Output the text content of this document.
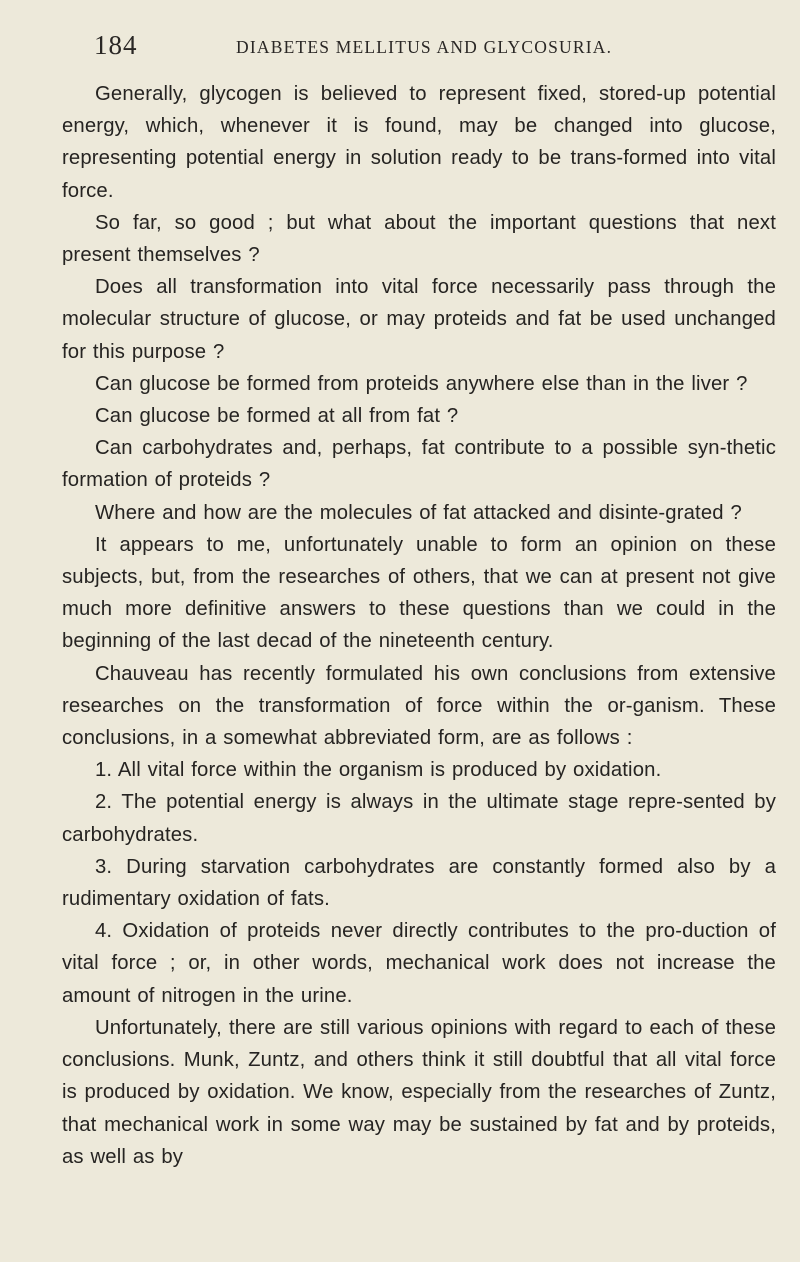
184	DIABETES MELLITUS AND GLYCOSURIA.

Generally, glycogen is believed to represent fixed, stored-up potential energy, which, whenever it is found, may be changed into glucose, representing potential energy in solution ready to be trans-formed into vital force.

So far, so good ; but what about the important questions that next present themselves ?

Does all transformation into vital force necessarily pass through the molecular structure of glucose, or may proteids and fat be used unchanged for this purpose ?

Can glucose be formed from proteids anywhere else than in the liver ?

Can glucose be formed at all from fat ?

Can carbohydrates and, perhaps, fat contribute to a possible syn-thetic formation of proteids ?

Where and how are the molecules of fat attacked and disinte-grated ?

It appears to me, unfortunately unable to form an opinion on these subjects, but, from the researches of others, that we can at present not give much more definitive answers to these questions than we could in the beginning of the last decad of the nineteenth century.

Chauveau has recently formulated his own conclusions from extensive researches on the transformation of force within the or-ganism. These conclusions, in a somewhat abbreviated form, are as follows :

1. All vital force within the organism is produced by oxidation.

2. The potential energy is always in the ultimate stage repre-sented by carbohydrates.

3. During starvation carbohydrates are constantly formed also by a rudimentary oxidation of fats.

4. Oxidation of proteids never directly contributes to the pro-duction of vital force ; or, in other words, mechanical work does not increase the amount of nitrogen in the urine.

Unfortunately, there are still various opinions with regard to each of these conclusions. Munk, Zuntz, and others think it still doubtful that all vital force is produced by oxidation. We know, especially from the researches of Zuntz, that mechanical work in some way may be sustained by fat and by proteids, as well as by
